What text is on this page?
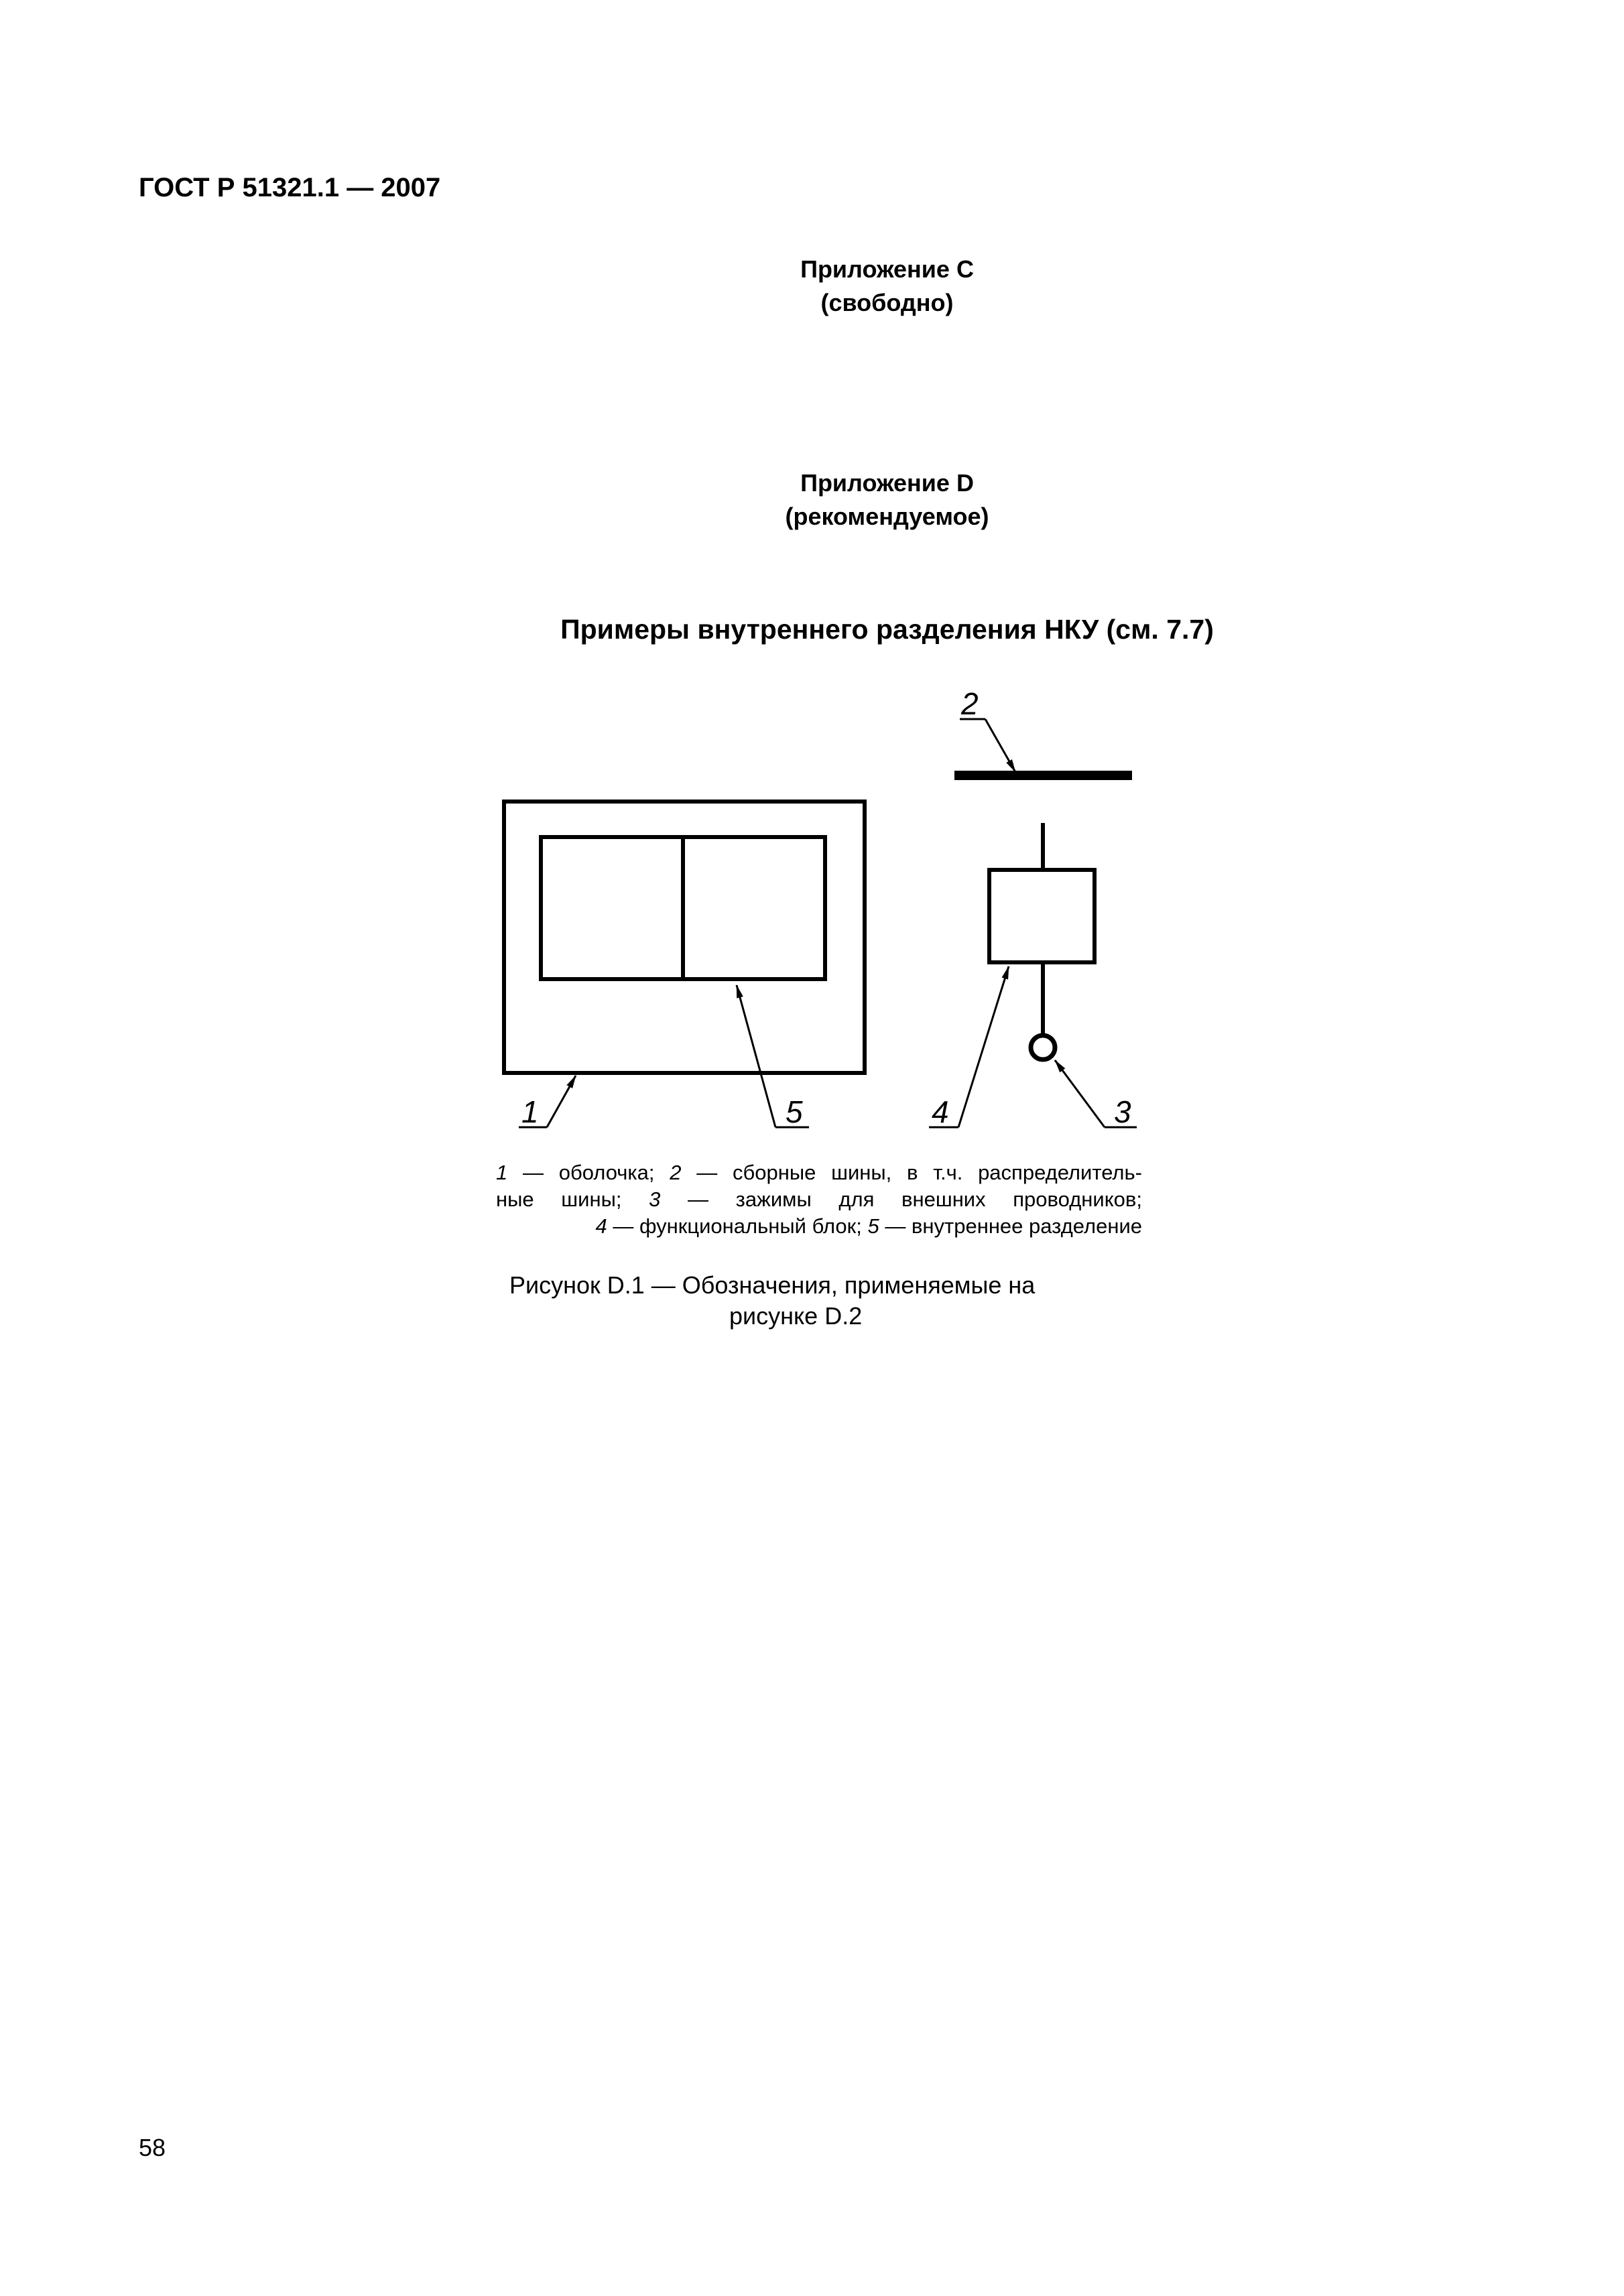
ГОСТ Р 51321.1 — 2007
Приложение С
(свободно)
Приложение D
(рекомендуемое)
Примеры внутреннего разделения НКУ (см. 7.7)
2
1	5	4	3
1 — оболочка; 2 — сборные шины, в т.ч. распределитель-
ные шины; 3 — зажимы для внешних проводников;
4 — функциональный блок; 5 — внутреннее разделение
Рисунок D.1 — Обозначения, применяемые на
рисунке D.2
58
